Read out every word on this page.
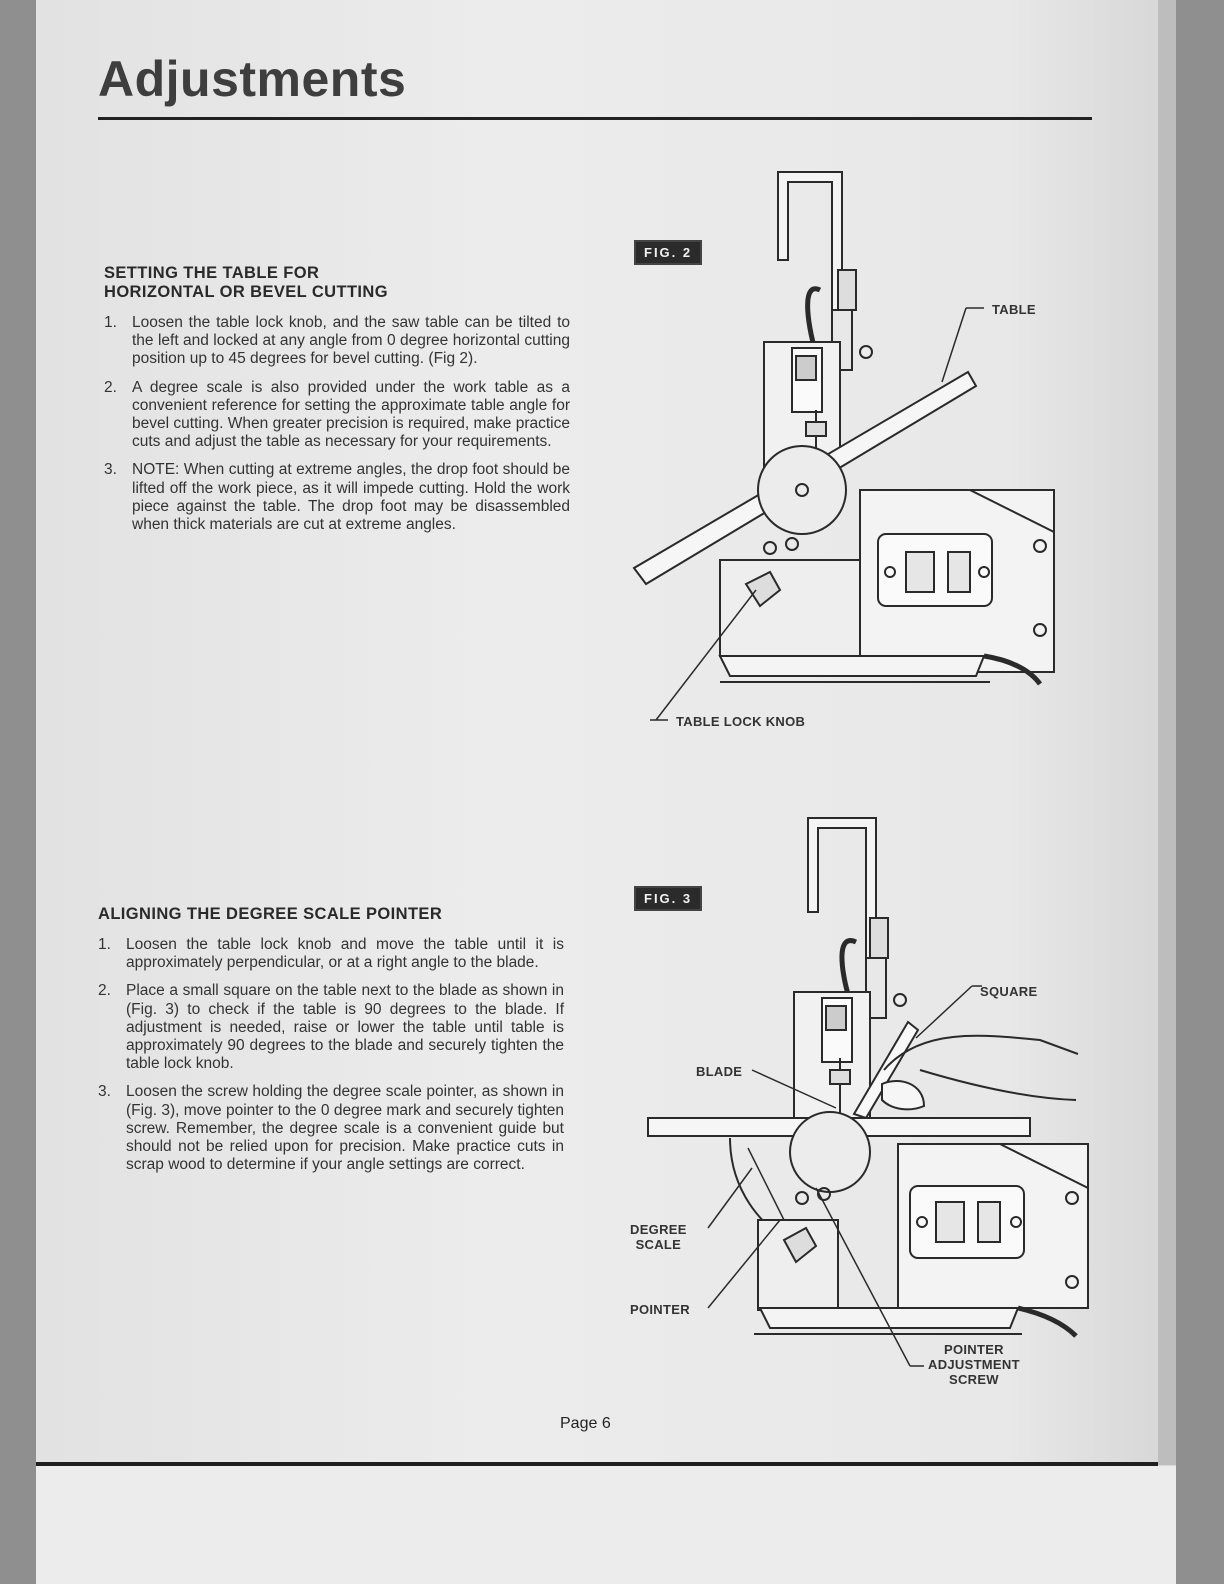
Adjustments
SETTING THE TABLE FOR
HORIZONTAL OR BEVEL CUTTING
1. Loosen the table lock knob, and the saw table can be tilted to the left and locked at any angle from 0 degree horizontal cutting position up to 45 degrees for bevel cutting. (Fig 2).
2. A degree scale is also provided under the work table as a convenient reference for setting the approximate table angle for bevel cutting. When greater precision is required, make practice cuts and adjust the table as necessary for your requirements.
3. NOTE: When cutting at extreme angles, the drop foot should be lifted off the work piece, as it will impede cutting. Hold the work piece against the table. The drop foot may be disassembled when thick materials are cut at extreme angles.
ALIGNING THE DEGREE SCALE POINTER
1. Loosen the table lock knob and move the table until it is approximately perpendicular, or at a right angle to the blade.
2. Place a small square on the table next to the blade as shown in (Fig. 3) to check if the table is 90 degrees to the blade. If adjustment is needed, raise or lower the table until table is approximately 90 degrees to the blade and securely tighten the table lock knob.
3. Loosen the screw holding the degree scale pointer, as shown in (Fig. 3), move pointer to the 0 degree mark and securely tighten screw. Remember, the degree scale is a convenient guide but should not be relied upon for precision. Make practice cuts in scrap wood to determine if your angle settings are correct.
FIG. 2
TABLE
TABLE LOCK KNOB
FIG. 3
SQUARE
BLADE
DEGREE
SCALE
POINTER
POINTER
ADJUSTMENT
SCREW
Page 6
